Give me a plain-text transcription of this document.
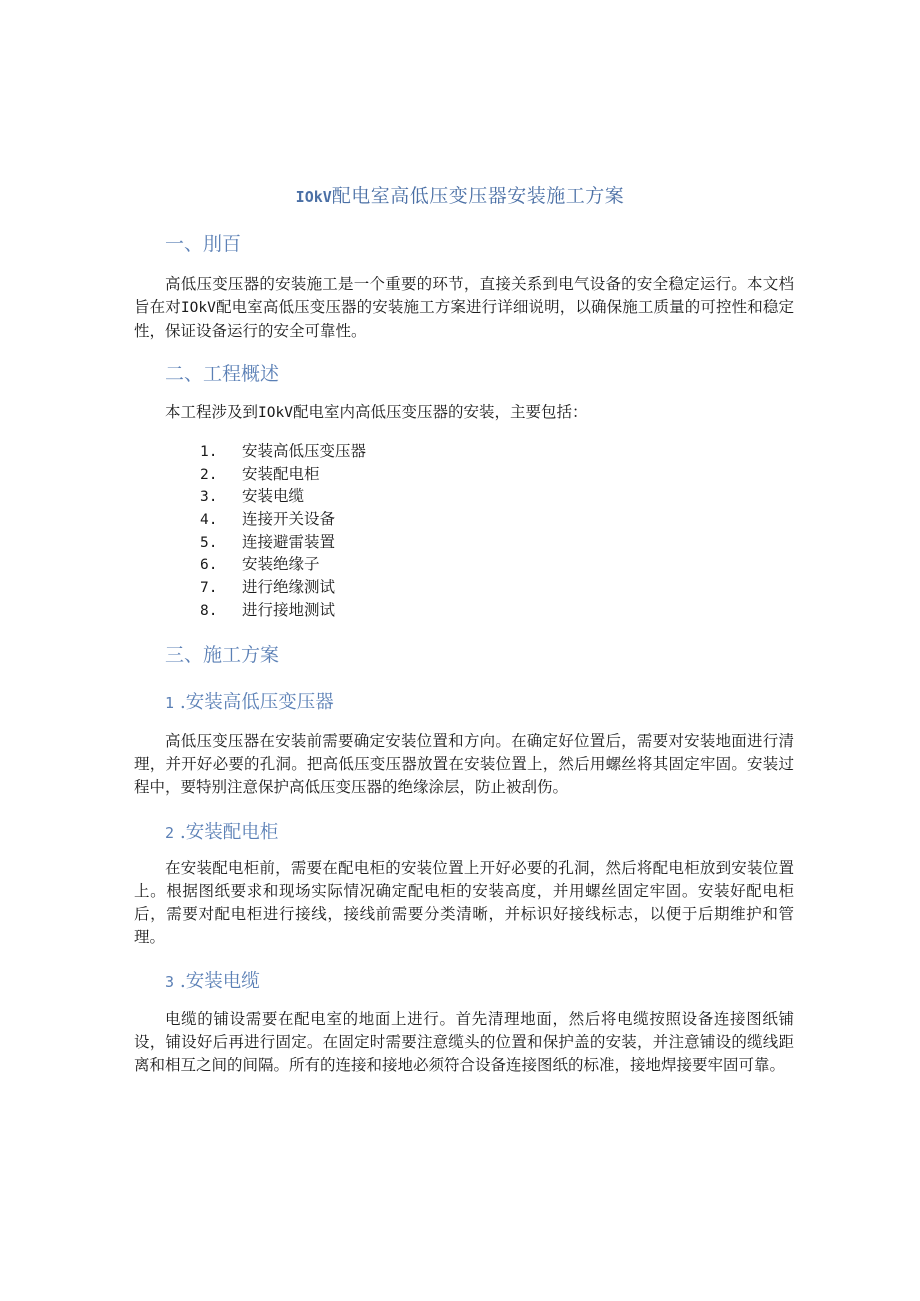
IOkV配电室高低压变压器安装施工方案
一、刖百

高低压变压器的安装施工是一个重要的环节，直接关系到电气设备的安全稳定运行。本文档旨在对IOkV配电室高低压变压器的安装施工方案进行详细说明，以确保施工质量的可控性和稳定性，保证设备运行的安全可靠性。

二、工程概述

本工程涉及到IOkV配电室内高低压变压器的安装，主要包括：

1. 安装高低压变压器
2. 安装配电柜
3. 安装电缆
4. 连接开关设备
5. 连接避雷装置
6. 安装绝缘子
7. 进行绝缘测试
8. 进行接地测试
三、施工方案
1 .安装高低压变压器

高低压变压器在安装前需要确定安装位置和方向。在确定好位置后，需要对安装地面进行清理，并开好必要的孔洞。把高低压变压器放置在安装位置上，然后用螺丝将其固定牢固。安装过程中，要特别注意保护高低压变压器的绝缘涂层，防止被刮伤。

2 .安装配电柜

在安装配电柜前，需要在配电柜的安装位置上开好必要的孔洞，然后将配电柜放到安装位置上。根据图纸要求和现场实际情况确定配电柜的安装高度，并用螺丝固定牢固。安装好配电柜后，需要对配电柜进行接线，接线前需要分类清晰，并标识好接线标志，以便于后期维护和管理。

3 .安装电缆

电缆的铺设需要在配电室的地面上进行。首先清理地面，然后将电缆按照设备连接图纸铺设，铺设好后再进行固定。在固定时需要注意缆头的位置和保护盖的安装，并注意铺设的缆线距离和相互之间的间隔。所有的连接和接地必须符合设备连接图纸的标准，接地焊接要牢固可靠。
